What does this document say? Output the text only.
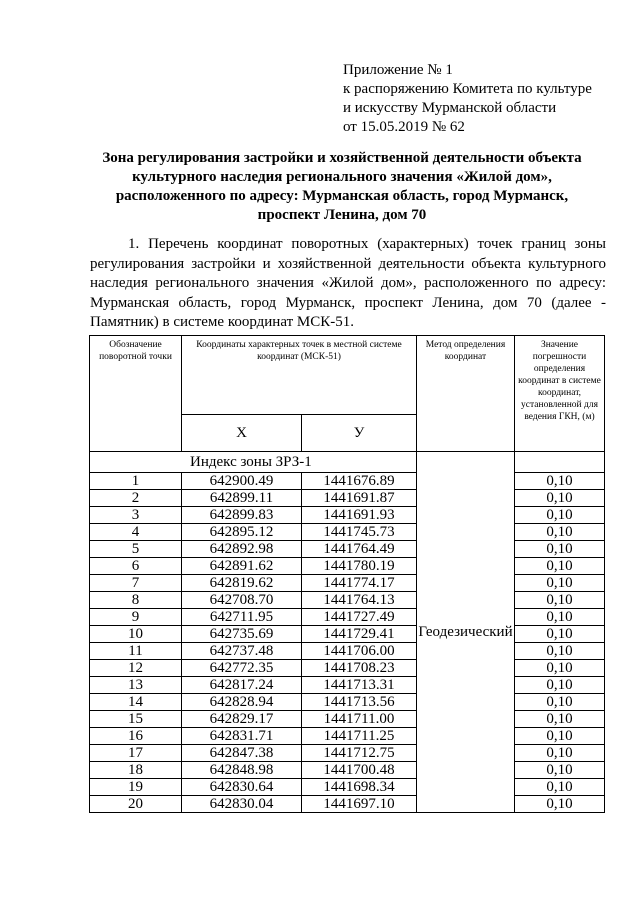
Приложение № 1
к распоряжению Комитета по культуре
и искусству Мурманской области
от 15.05.2019 № 62
Зона регулирования застройки и хозяйственной деятельности объекта
культурного наследия регионального значения «Жилой дом»,
расположенного по адресу: Мурманская область, город Мурманск,
проспект Ленина, дом 70
1. Перечень координат поворотных (характерных) точек границ зоны
регулирования застройки и хозяйственной деятельности объекта культурного
наследия регионального значения «Жилой дом», расположенного по адресу:
Мурманская область, город Мурманск, проспект Ленина, дом 70 (далее -
Памятник) в системе координат МСК-51.
Обозначение поворотной точки	Координаты характерных точек в местной системе координат (МСК-51)		Метод определения координат	Значение погрешности определения координат в системе координат, установленной для ведения ГКН, (м)
	X	У		
Индекс зоны ЗРЗ-1			Геодезический	
1	642900.49	1441676.89		0,10
2	642899.11	1441691.87		0,10
3	642899.83	1441691.93		0,10
4	642895.12	1441745.73		0,10
5	642892.98	1441764.49		0,10
6	642891.62	1441780.19		0,10
7	642819.62	1441774.17		0,10
8	642708.70	1441764.13		0,10
9	642711.95	1441727.49		0,10
10	642735.69	1441729.41		0,10
11	642737.48	1441706.00		0,10
12	642772.35	1441708.23		0,10
13	642817.24	1441713.31		0,10
14	642828.94	1441713.56		0,10
15	642829.17	1441711.00		0,10
16	642831.71	1441711.25		0,10
17	642847.38	1441712.75		0,10
18	642848.98	1441700.48		0,10
19	642830.64	1441698.34		0,10
20	642830.04	1441697.10		0,10
